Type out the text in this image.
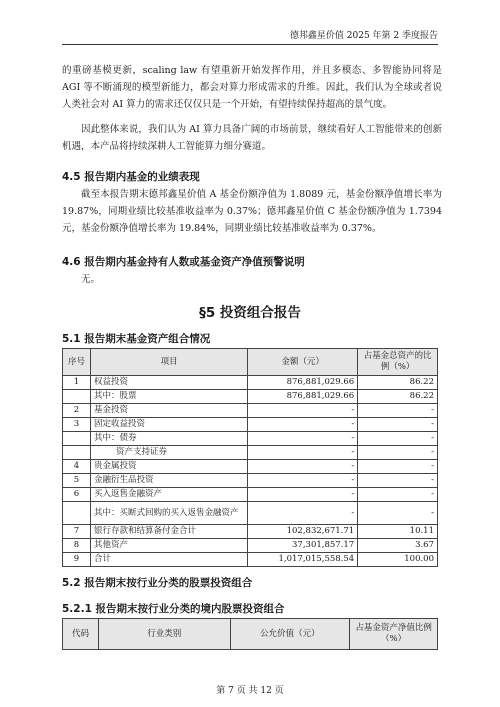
德邦鑫星价值 2025 年第 2 季度报告

的重磅基模更新，scaling law 有望重新开始发挥作用，并且多模态、多智能协同将是 AGI 等不断涌现的模型新能力，都会对算力形成需求的升维。因此，我们认为全球或者说人类社会对 AI 算力的需求还仅仅只是一个开始，有望持续保持超高的景气度。

因此整体来说，我们认为 AI 算力具备广阔的市场前景，继续看好人工智能带来的创新机遇，本产品将持续深耕人工智能算力细分赛道。

4.5 报告期内基金的业绩表现

截至本报告期末德邦鑫星价值 A 基金份额净值为 1.8089 元，基金份额净值增长率为 19.87%，同期业绩比较基准收益率为 0.37%；德邦鑫星价值 C 基金份额净值为 1.7394 元，基金份额净值增长率为 19.84%，同期业绩比较基准收益率为 0.37%。

4.6 报告期内基金持有人数或基金资产净值预警说明

无。

§5 投资组合报告
5.1 报告期末基金资产组合情况
序号	项目	金额（元）	占基金总资产的比例（%）
1	权益投资	876,881,029.66	86.22
	其中：股票	876,881,029.66	86.22
2	基金投资	-	-
3	固定收益投资	-	-
	其中：债券	-	-
	资产支持证券	-	-
4	贵金属投资	-	-
5	金融衍生品投资	-	-
6	买入返售金融资产	-	-
	其中：买断式回购的买入返售金融资产	-	-
7	银行存款和结算备付金合计	102,832,671.71	10.11
8	其他资产	37,301,857.17	3.67
9	合计	1,017,015,558.54	100.00
5.2 报告期末按行业分类的股票投资组合
5.2.1 报告期末按行业分类的境内股票投资组合
代码	行业类别	公允价值（元）	占基金资产净值比例（%）
第 7 页 共 12 页
